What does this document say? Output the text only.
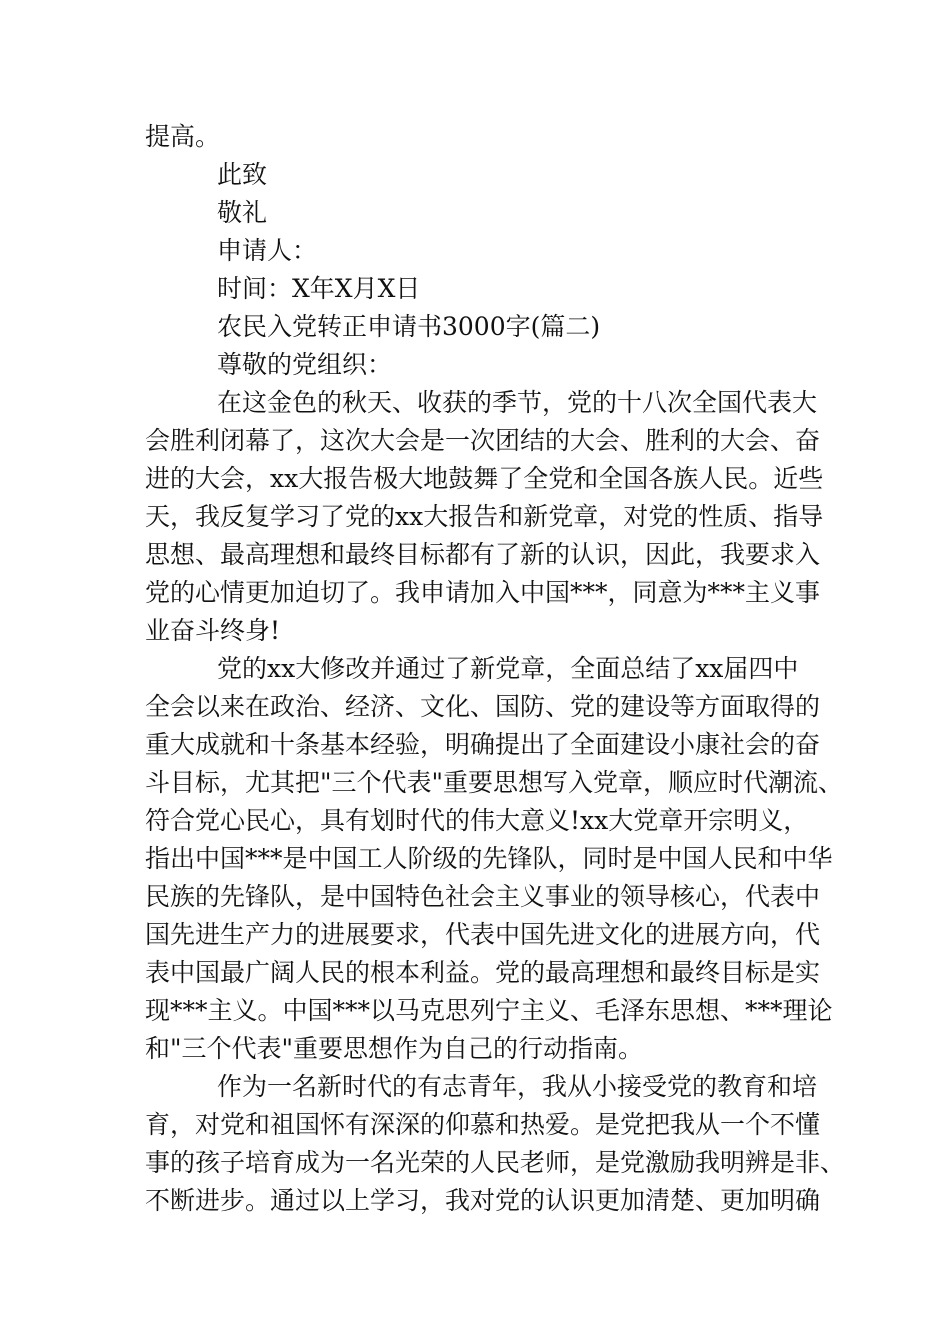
提高。
此致
敬礼
申请人：
时间：X年X月X日
农民入党转正申请书3000字(篇二)
尊敬的党组织：
在这金色的秋天、收获的季节，党的十八次全国代表大
会胜利闭幕了，这次大会是一次团结的大会、胜利的大会、奋
进的大会，xx大报告极大地鼓舞了全党和全国各族人民。近些
天，我反复学习了党的xx大报告和新党章，对党的性质、指导
思想、最高理想和最终目标都有了新的认识，因此，我要求入
党的心情更加迫切了。我申请加入中国***，同意为***主义事
业奋斗终身!
党的xx大修改并通过了新党章，全面总结了xx届四中
全会以来在政治、经济、文化、国防、党的建设等方面取得的
重大成就和十条基本经验，明确提出了全面建设小康社会的奋
斗目标，尤其把"三个代表"重要思想写入党章，顺应时代潮流、
符合党心民心，具有划时代的伟大意义!xx大党章开宗明义，
指出中国***是中国工人阶级的先锋队，同时是中国人民和中华
民族的先锋队，是中国特色社会主义事业的领导核心，代表中
国先进生产力的进展要求，代表中国先进文化的进展方向，代
表中国最广阔人民的根本利益。党的最高理想和最终目标是实
现***主义。中国***以马克思列宁主义、毛泽东思想、***理论
和"三个代表"重要思想作为自己的行动指南。
作为一名新时代的有志青年，我从小接受党的教育和培
育，对党和祖国怀有深深的仰慕和热爱。是党把我从一个不懂
事的孩子培育成为一名光荣的人民老师，是党激励我明辨是非、
不断进步。通过以上学习，我对党的认识更加清楚、更加明确
